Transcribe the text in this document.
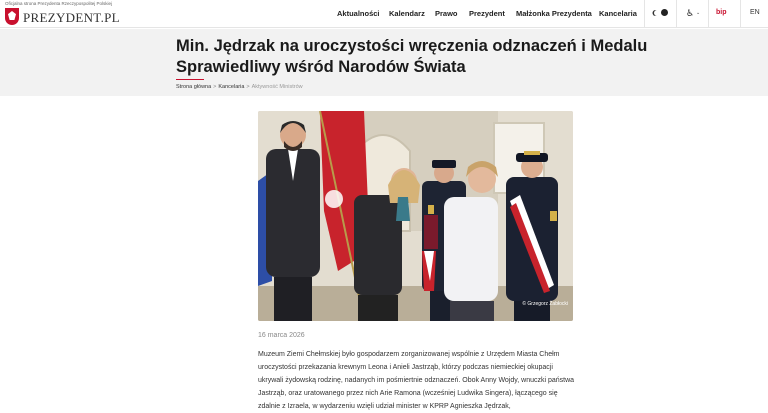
Oficjalna strona Prezydenta Rzeczypospolitej Polskiej
PREZYDENT.PL	Aktualności Kalendarz Prawo Prezydent Małżonka Prezydenta Kancelaria	♿ ⌄ bip	EN
Min. Jędrzak na uroczystości wręczenia odznaczeń i Medalu Sprawiedliwy wśród Narodów Świata
Strona główna > Kancelaria > Aktywność Ministrów
© Grzegorz Żabłocki
16 marca 2026

Muzeum Ziemi Chełmskiej było gospodarzem zorganizowanej wspólnie z Urzędem Miasta Chełm uroczystości przekazania krewnym Leona i Anieli Jastrząb, którzy podczas niemieckiej okupacji ukrywali żydowską rodzinę, nadanych im pośmiertnie odznaczeń. Obok Anny Wojdy, wnuczki państwa Jastrząb, oraz uratowanego przez nich Arie Ramona (wcześniej Ludwika Singera), łączącego się zdalnie z Izraela, w wydarzeniu wzięli udział minister w KPRP Agnieszka Jędrzak,
